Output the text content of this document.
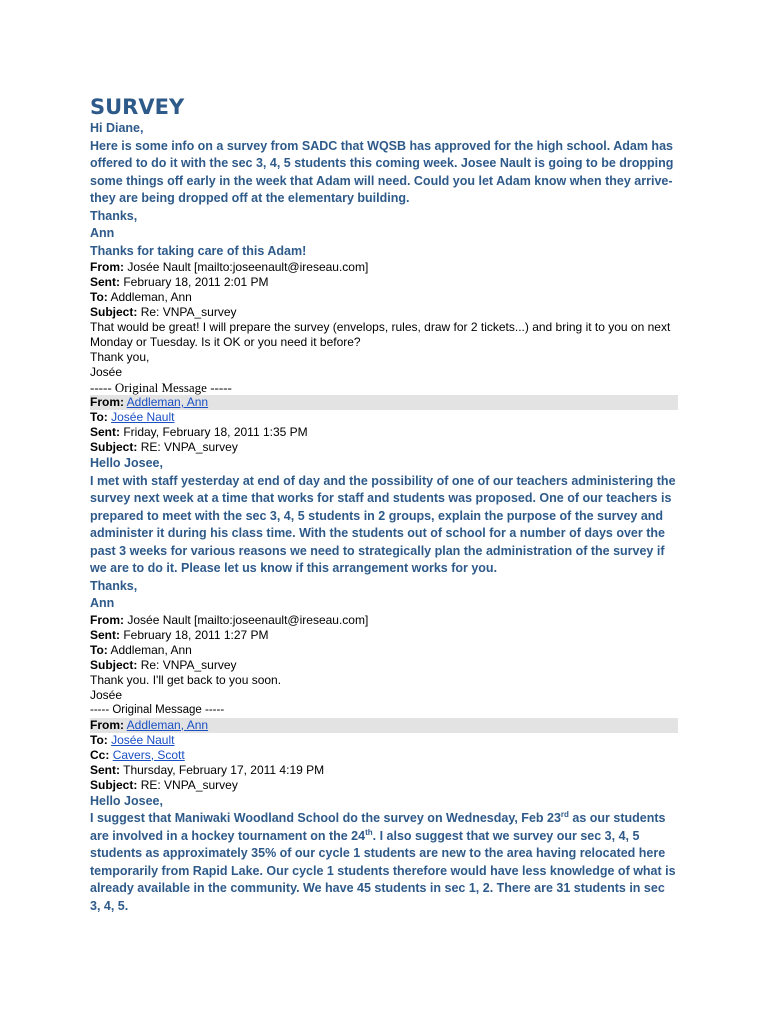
SURVEY
Hi Diane,
Here is some info on a survey from SADC that WQSB has approved for the high school. Adam has offered to do it with the sec 3, 4, 5 students this coming week. Josee Nault is going to be dropping some things off early in the week that Adam will need. Could you let Adam know when they arrive-they are being dropped off at the elementary building.
Thanks,
Ann
Thanks for taking care of this Adam!
From: Josée Nault [mailto:joseenault@ireseau.com]
Sent: February 18, 2011 2:01 PM
To: Addleman, Ann
Subject: Re: VNPA_survey
That would be great! I will prepare the survey (envelops, rules, draw for 2 tickets...) and bring it to you on next Monday or Tuesday. Is it OK or you need it before?
Thank you,
Josée
----- Original Message -----
From: Addleman, Ann
To: Josée Nault
Sent: Friday, February 18, 2011 1:35 PM
Subject: RE: VNPA_survey
Hello Josee,
I met with staff yesterday at end of day and the possibility of one of our teachers administering the survey next week at a time that works for staff and students was proposed. One of our teachers is prepared to meet with the sec 3, 4, 5 students in 2 groups, explain the purpose of the survey and administer it during his class time. With the students out of school for a number of days over the past 3 weeks for various reasons we need to strategically plan the administration of the survey if we are to do it. Please let us know if this arrangement works for you.
Thanks,
Ann
From: Josée Nault [mailto:joseenault@ireseau.com]
Sent: February 18, 2011 1:27 PM
To: Addleman, Ann
Subject: Re: VNPA_survey
Thank you. I'll get back to you soon.
Josée
----- Original Message -----
From: Addleman, Ann
To: Josée Nault
Cc: Cavers, Scott
Sent: Thursday, February 17, 2011 4:19 PM
Subject: RE: VNPA_survey
Hello Josee,
I suggest that Maniwaki Woodland School do the survey on Wednesday, Feb 23rd as our students are involved in a hockey tournament on the 24th. I also suggest that we survey our sec 3, 4, 5 students as approximately 35% of our cycle 1 students are new to the area having relocated here temporarily from Rapid Lake. Our cycle 1 students therefore would have less knowledge of what is already available in the community. We have 45 students in sec 1, 2. There are 31 students in sec 3, 4, 5.
